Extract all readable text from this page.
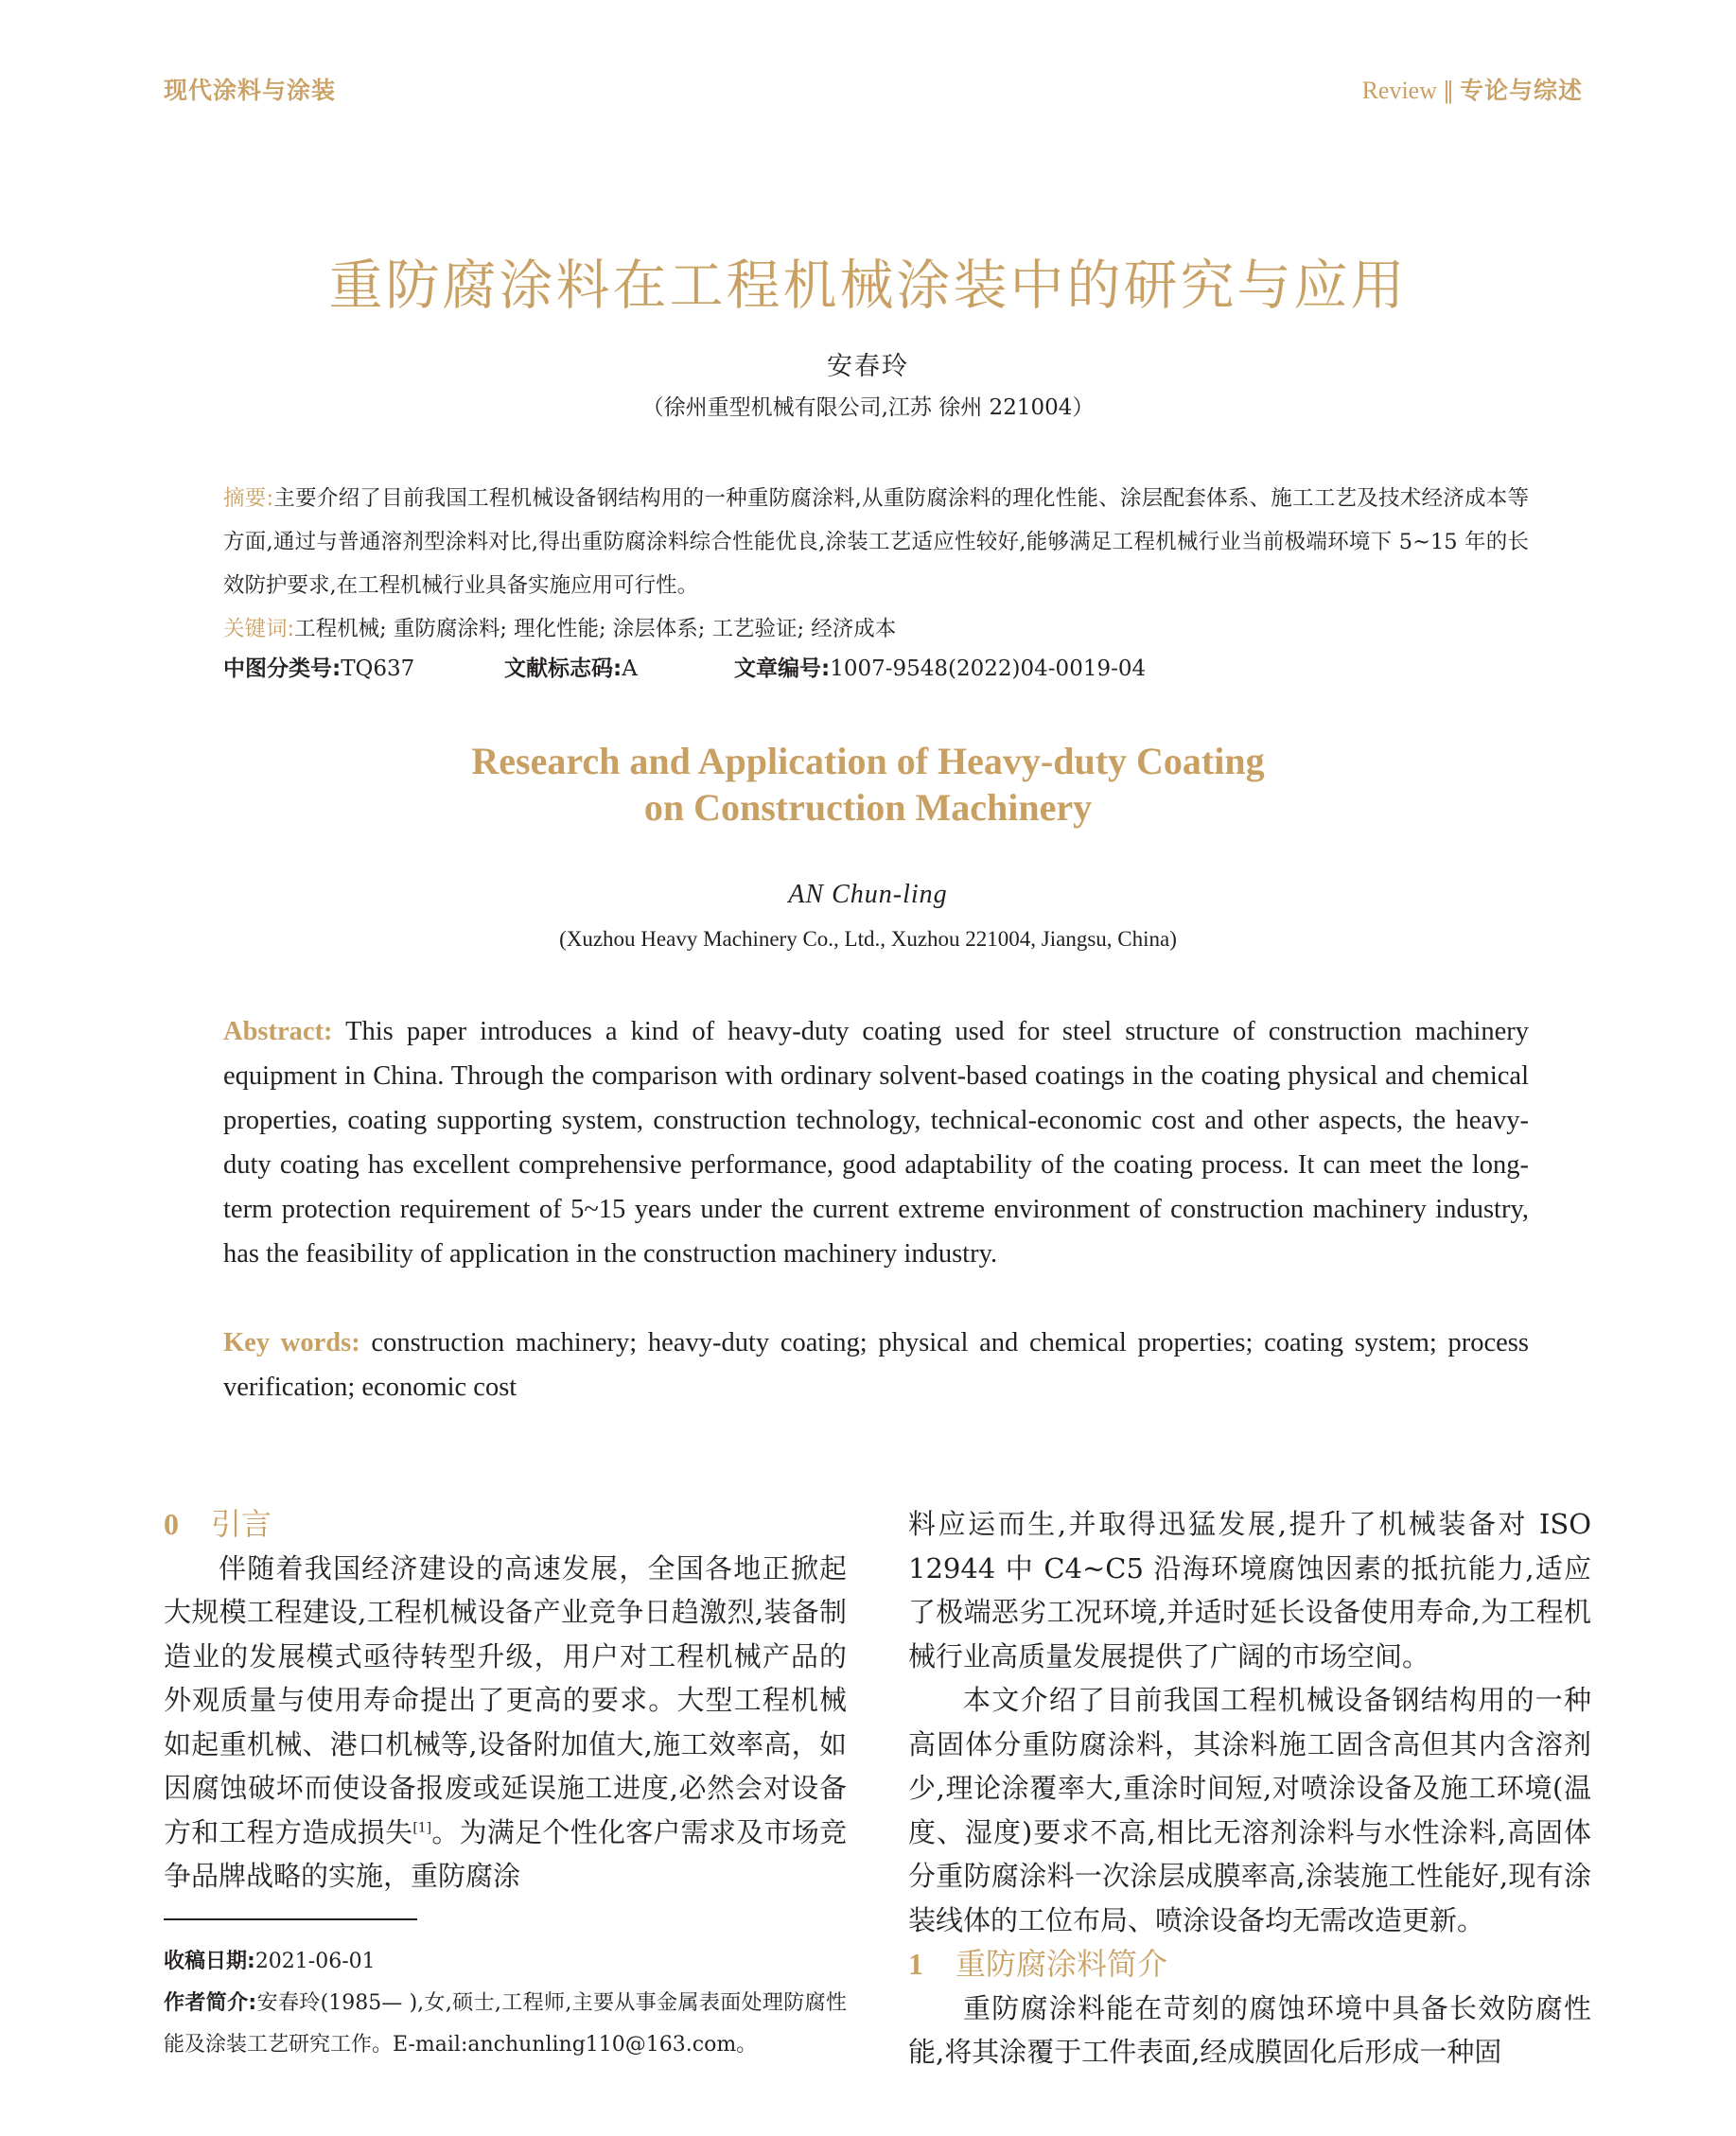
现代涂料与涂装	Review ‖ 专论与综述
重防腐涂料在工程机械涂装中的研究与应用
安春玲
（徐州重型机械有限公司,江苏 徐州 221004）
摘要:主要介绍了目前我国工程机械设备钢结构用的一种重防腐涂料,从重防腐涂料的理化性能、涂层配套体系、施工工艺及技术经济成本等方面,通过与普通溶剂型涂料对比,得出重防腐涂料综合性能优良,涂装工艺适应性较好,能够满足工程机械行业当前极端环境下 5~15 年的长效防护要求,在工程机械行业具备实施应用可行性。
关键词:工程机械; 重防腐涂料; 理化性能; 涂层体系; 工艺验证; 经济成本
中图分类号:TQ637	文献标志码:A	文章编号:1007-9548(2022)04-0019-04
Research and Application of Heavy-duty Coating
on Construction Machinery
AN Chun-ling
(Xuzhou Heavy Machinery Co., Ltd., Xuzhou 221004, Jiangsu, China)
Abstract: This paper introduces a kind of heavy-duty coating used for steel structure of construction machinery equipment in China. Through the comparison with ordinary solvent-based coatings in the coating physical and chemical properties, coating supporting system, construction technology, technical-economic cost and other aspects, the heavy-duty coating has excellent comprehensive performance, good adaptability of the coating process. It can meet the long-term protection requirement of 5~15 years under the current extreme environment of construction machinery industry, has the feasibility of application in the construction machinery industry.
Key words: construction machinery; heavy-duty coating; physical and chemical properties; coating system; process verification; economic cost
0 引言

伴随着我国经济建设的高速发展，全国各地正掀起大规模工程建设,工程机械设备产业竞争日趋激烈,装备制造业的发展模式亟待转型升级，用户对工程机械产品的外观质量与使用寿命提出了更高的要求。大型工程机械如起重机械、港口机械等,设备附加值大,施工效率高，如因腐蚀破坏而使设备报废或延误施工进度,必然会对设备方和工程方造成损失[1]。为满足个性化客户需求及市场竞争品牌战略的实施，重防腐涂

料应运而生,并取得迅猛发展,提升了机械装备对 ISO 12944 中 C4~C5 沿海环境腐蚀因素的抵抗能力,适应了极端恶劣工况环境,并适时延长设备使用寿命,为工程机械行业高质量发展提供了广阔的市场空间。

本文介绍了目前我国工程机械设备钢结构用的一种高固体分重防腐涂料，其涂料施工固含高但其内含溶剂少,理论涂覆率大,重涂时间短,对喷涂设备及施工环境(温度、湿度)要求不高,相比无溶剂涂料与水性涂料,高固体分重防腐涂料一次涂层成膜率高,涂装施工性能好,现有涂装线体的工位布局、喷涂设备均无需改造更新。

1 重防腐涂料简介

重防腐涂料能在苛刻的腐蚀环境中具备长效防腐性能,将其涂覆于工件表面,经成膜固化后形成一种固

收稿日期:2021-06-01
作者简介:安春玲(1985— ),女,硕士,工程师,主要从事金属表面处理防腐性能及涂装工艺研究工作。E-mail:anchunling110@163.com。
